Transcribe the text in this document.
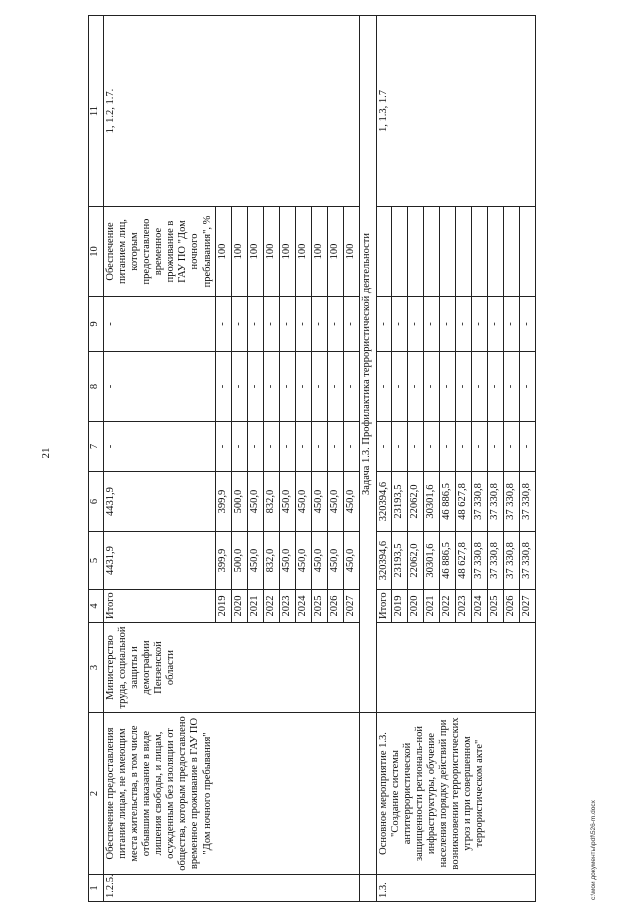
21
1	2	3	4	5	6	7	8	9	10	11
1.2.5.	Обеспечение предоставления питания лицам, не имеющим места жительства, в том числе отбывшим наказание в виде лишения свободы, и лицам, осужденным без изоляции от общества, которым предоставлено временное проживание в ГАУ ПО "Дом ночного пребывания"	Министерство труда, социальной защиты и демографии Пензенской области	Итого	4431,9	4431,9	-	-	-	Обеспечение питанием лиц, которым предоставлено временное проживание в ГАУ ПО "Дом ночного пребывания", %	1, 1.2, 1.7.
			2019	399,9	399,9	-	-	-	100	
			2020	500,0	500,0	-	-	-	100	
			2021	450,0	450,0	-	-	-	100	
			2022	832,0	832,0	-	-	-	100	
			2023	450,0	450,0	-	-	-	100	
			2024	450,0	450,0	-	-	-	100	
			2025	450,0	450,0	-	-	-	100	
			2026	450,0	450,0	-	-	-	100	
			2027	450,0	450,0	-	-	-	100	
		Задача 1.3. Профилактика террористической деятельности								
1.3.	Основное мероприятие 1.3. "Создание системы антитеррористической защищенности региональ-ной инфраструктуры, обучение населения порядку действий при возникновении террористических угроз и при совершенном террористическом акте"		Итого	320394,6	320394,6	-	-	-		1, 1.3, 1.7
			2019	23193,5	23193,5	-	-	-		
			2020	22062,0	22062,0	-	-	-		
			2021	30301,6	30301,6	-	-	-		
			2022	46 886,5	46 886,5	-	-	-		
			2023	48 627,8	48 627,8	-	-	-		
			2024	37 330,8	37 330,8	-	-	-		
			2025	37 330,8	37 330,8	-	-	-		
			2026	37 330,8	37 330,8	-	-	-		
			2027	37 330,8	37 330,8	-	-	-		
c:\мои документы\pdf\526-m.docx
